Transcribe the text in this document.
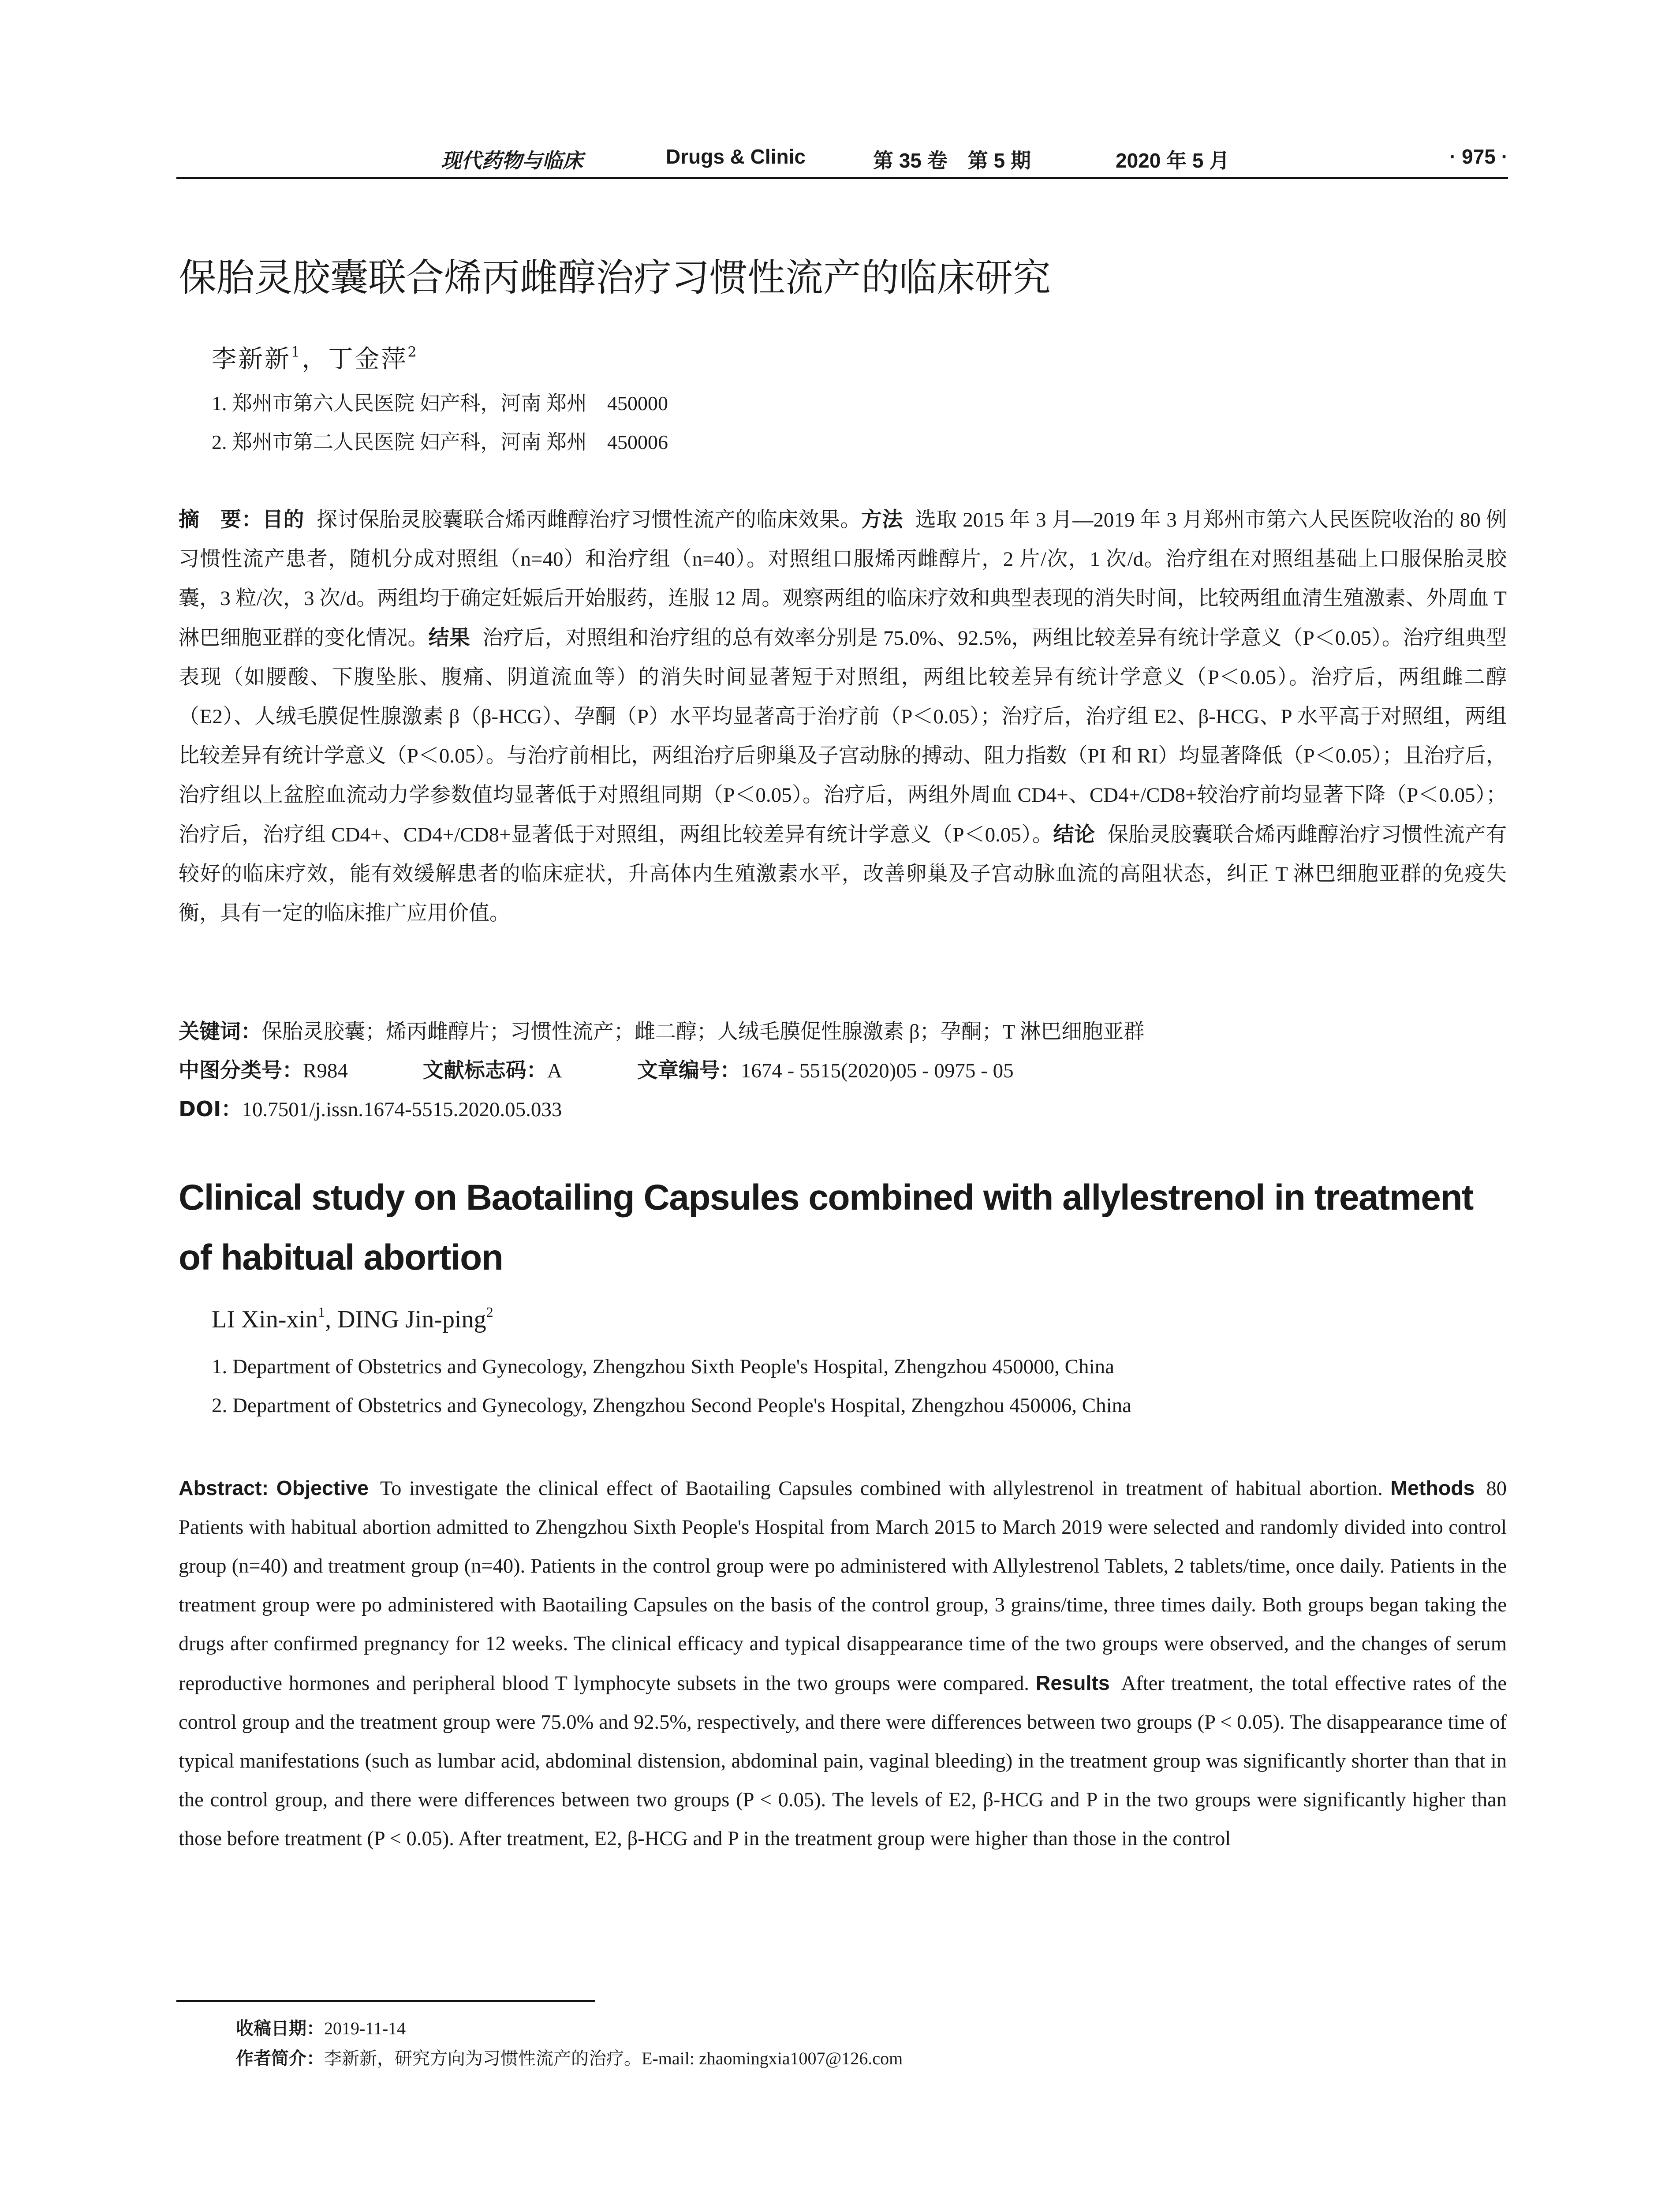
现代药物与临床	Drugs & Clinic	第 35 卷　第 5 期	2020 年 5 月	· 975 ·
保胎灵胶囊联合烯丙雌醇治疗习惯性流产的临床研究
李新新$^1$，丁金萍$^2$
1. 郑州市第六人民医院 妇产科，河南 郑州　450000
2. 郑州市第二人民医院 妇产科，河南 郑州　450006
摘　要：目的 探讨保胎灵胶囊联合烯丙雌醇治疗习惯性流产的临床效果。方法 选取 2015 年 3 月—2019 年 3 月郑州市第六人民医院收治的 80 例习惯性流产患者，随机分成对照组（n=40）和治疗组（n=40）。对照组口服烯丙雌醇片，2 片/次，1 次/d。治疗组在对照组基础上口服保胎灵胶囊，3 粒/次，3 次/d。两组均于确定妊娠后开始服药，连服 12 周。观察两组的临床疗效和典型表现的消失时间，比较两组血清生殖激素、外周血 T 淋巴细胞亚群的变化情况。结果 治疗后，对照组和治疗组的总有效率分别是 75.0%、92.5%，两组比较差异有统计学意义（P＜0.05）。治疗组典型表现（如腰酸、下腹坠胀、腹痛、阴道流血等）的消失时间显著短于对照组，两组比较差异有统计学意义（P＜0.05）。治疗后，两组雌二醇（E2）、人绒毛膜促性腺激素 β（β-HCG）、孕酮（P）水平均显著高于治疗前（P＜0.05）；治疗后，治疗组 E2、β-HCG、P 水平高于对照组，两组比较差异有统计学意义（P＜0.05）。与治疗前相比，两组治疗后卵巢及子宫动脉的搏动、阻力指数（PI 和 RI）均显著降低（P＜0.05）；且治疗后，治疗组以上盆腔血流动力学参数值均显著低于对照组同期（P＜0.05）。治疗后，两组外周血 CD4+、CD4+/CD8+较治疗前均显著下降（P＜0.05）；治疗后，治疗组 CD4+、CD4+/CD8+显著低于对照组，两组比较差异有统计学意义（P＜0.05）。结论 保胎灵胶囊联合烯丙雌醇治疗习惯性流产有较好的临床疗效，能有效缓解患者的临床症状，升高体内生殖激素水平，改善卵巢及子宫动脉血流的高阻状态，纠正 T 淋巴细胞亚群的免疫失衡，具有一定的临床推广应用价值。
关键词：保胎灵胶囊；烯丙雌醇片；习惯性流产；雌二醇；人绒毛膜促性腺激素 β；孕酮；T 淋巴细胞亚群
中图分类号：R984	文献标志码：A	文章编号：1674 - 5515(2020)05 - 0975 - 05
DOI：10.7501/j.issn.1674-5515.2020.05.033
Clinical study on Baotailing Capsules combined with allylestrenol in treatment of habitual abortion
LI Xin-xin$^1$, DING Jin-ping$^2$
1. Department of Obstetrics and Gynecology, Zhengzhou Sixth People's Hospital, Zhengzhou 450000, China
2. Department of Obstetrics and Gynecology, Zhengzhou Second People's Hospital, Zhengzhou 450006, China
Abstract: Objective To investigate the clinical effect of Baotailing Capsules combined with allylestrenol in treatment of habitual abortion. Methods 80 Patients with habitual abortion admitted to Zhengzhou Sixth People's Hospital from March 2015 to March 2019 were selected and randomly divided into control group (n=40) and treatment group (n=40). Patients in the control group were po administered with Allylestrenol Tablets, 2 tablets/time, once daily. Patients in the treatment group were po administered with Baotailing Capsules on the basis of the control group, 3 grains/time, three times daily. Both groups began taking the drugs after confirmed pregnancy for 12 weeks. The clinical efficacy and typical disappearance time of the two groups were observed, and the changes of serum reproductive hormones and peripheral blood T lymphocyte subsets in the two groups were compared. Results After treatment, the total effective rates of the control group and the treatment group were 75.0% and 92.5%, respectively, and there were differences between two groups (P < 0.05). The disappearance time of typical manifestations (such as lumbar acid, abdominal distension, abdominal pain, vaginal bleeding) in the treatment group was significantly shorter than that in the control group, and there were differences between two groups (P < 0.05). The levels of E2, β-HCG and P in the two groups were significantly higher than those before treatment (P < 0.05). After treatment, E2, β-HCG and P in the treatment group were higher than those in the control
收稿日期：2019-11-14
作者简介：李新新，研究方向为习惯性流产的治疗。E-mail: zhaomingxia1007@126.com
